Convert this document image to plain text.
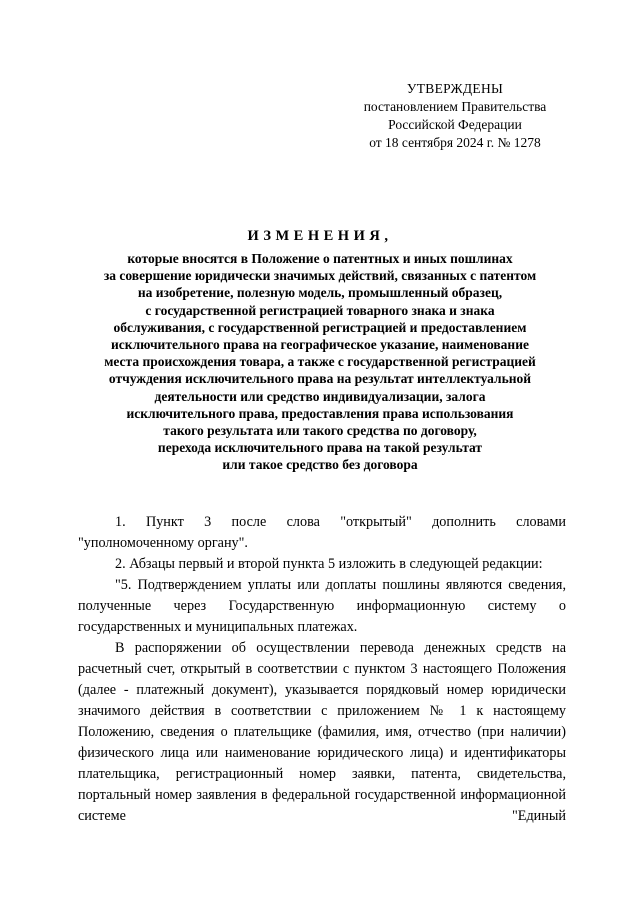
УТВЕРЖДЕНЫ
постановлением Правительства
Российской Федерации
от 18 сентября 2024 г. № 1278
ИЗМЕНЕНИЯ,
которые вносятся в Положение о патентных и иных пошлинах
за совершение юридически значимых действий, связанных с патентом
на изобретение, полезную модель, промышленный образец,
с государственной регистрацией товарного знака и знака
обслуживания, с государственной регистрацией и предоставлением
исключительного права на географическое указание, наименование
места происхождения товара, а также с государственной регистрацией
отчуждения исключительного права на результат интеллектуальной
деятельности или средство индивидуализации, залога
исключительного права, предоставления права использования
такого результата или такого средства по договору,
перехода исключительного права на такой результат
или такое средство без договора

1. Пункт 3 после слова "открытый" дополнить словами "уполномоченному органу".

2. Абзацы первый и второй пункта 5 изложить в следующей редакции:

"5. Подтверждением уплаты или доплаты пошлины являются сведения, полученные через Государственную информационную систему о государственных и муниципальных платежах.

В распоряжении об осуществлении перевода денежных средств на расчетный счет, открытый в соответствии с пунктом 3 настоящего Положения (далее - платежный документ), указывается порядковый номер юридически значимого действия в соответствии с приложением № 1 к настоящему Положению, сведения о плательщике (фамилия, имя, отчество (при наличии) физического лица или наименование юридического лица) и идентификаторы плательщика, регистрационный номер заявки, патента, свидетельства, портальный номер заявления в федеральной государственной информационной системе "Единый
